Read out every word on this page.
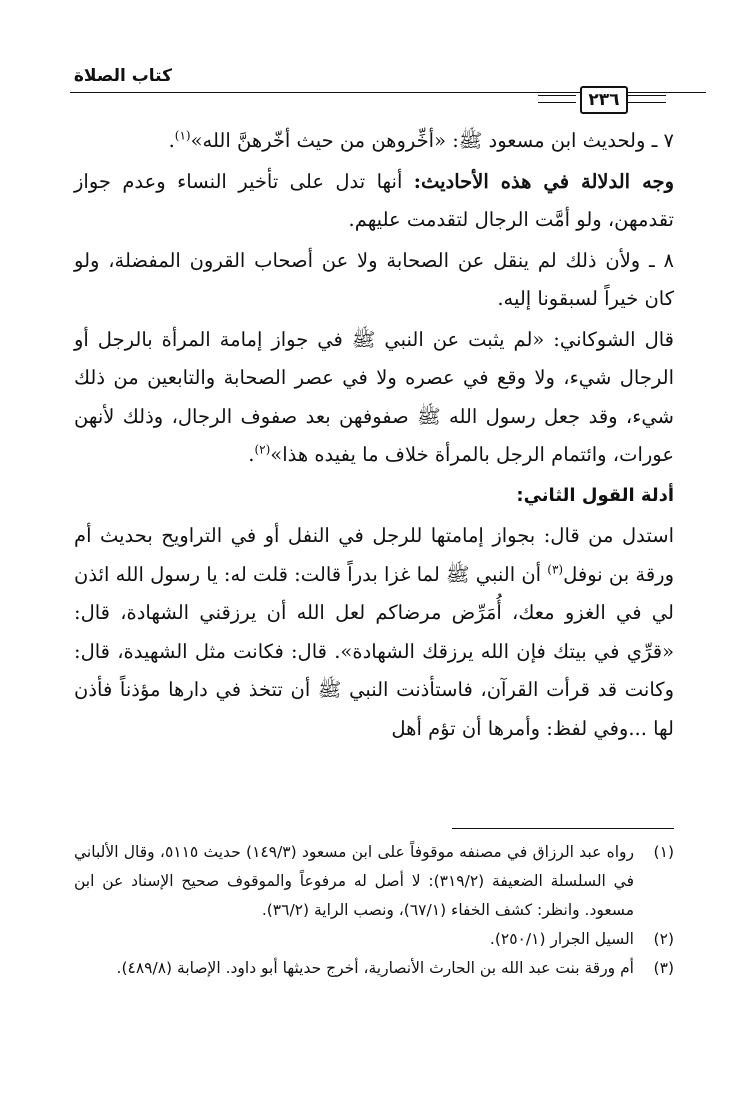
كتاب الصلاة
٢٣٦

٧ ـ ولحديث ابن مسعود ﷺ: «أخِّروهن من حيث أخّرهنَّ الله»$^{(١)}$.

وجه الدلالة في هذه الأحاديث: أنها تدل على تأخير النساء وعدم جواز تقدمهن، ولو أمَّت الرجال لتقدمت عليهم.

٨ ـ ولأن ذلك لم ينقل عن الصحابة ولا عن أصحاب القرون المفضلة، ولو كان خيراً لسبقونا إليه.

قال الشوكاني: «لم يثبت عن النبي ﷺ في جواز إمامة المرأة بالرجل أو الرجال شيء، ولا وقع في عصره ولا في عصر الصحابة والتابعين من ذلك شيء، وقد جعل رسول الله ﷺ صفوفهن بعد صفوف الرجال، وذلك لأنهن عورات، وائتمام الرجل بالمرأة خلاف ما يفيده هذا»$^{(٢)}$.

أدلة القول الثاني:

استدل من قال: بجواز إمامتها للرجل في النفل أو في التراويح بحديث أم ورقة بن نوفل$^{(٣)}$ أن النبي ﷺ لما غزا بدراً قالت: قلت له: يا رسول الله ائذن لي في الغزو معك، أُمَرِّض مرضاكم لعل الله أن يرزقني الشهادة، قال: «قرِّي في بيتك فإن الله يرزقك الشهادة». قال: فكانت مثل الشهيدة، قال: وكانت قد قرأت القرآن، فاستأذنت النبي ﷺ أن تتخذ في دارها مؤذناً فأذن لها ...وفي لفظ: وأمرها أن تؤم أهل

(١)
رواه عبد الرزاق في مصنفه موقوفاً على ابن مسعود (١٤٩/٣) حديث ٥١١٥، وقال الألباني في السلسلة الضعيفة (٣١٩/٢): لا أصل له مرفوعاً والموقوف صحيح الإسناد عن ابن مسعود. وانظر: كشف الخفاء (٦٧/١)، ونصب الراية (٣٦/٢).

(٢)
السيل الجرار (٢٥٠/١).

(٣)
أم ورقة بنت عبد الله بن الحارث الأنصارية، أخرج حديثها أبو داود. الإصابة (٤٨٩/٨).
